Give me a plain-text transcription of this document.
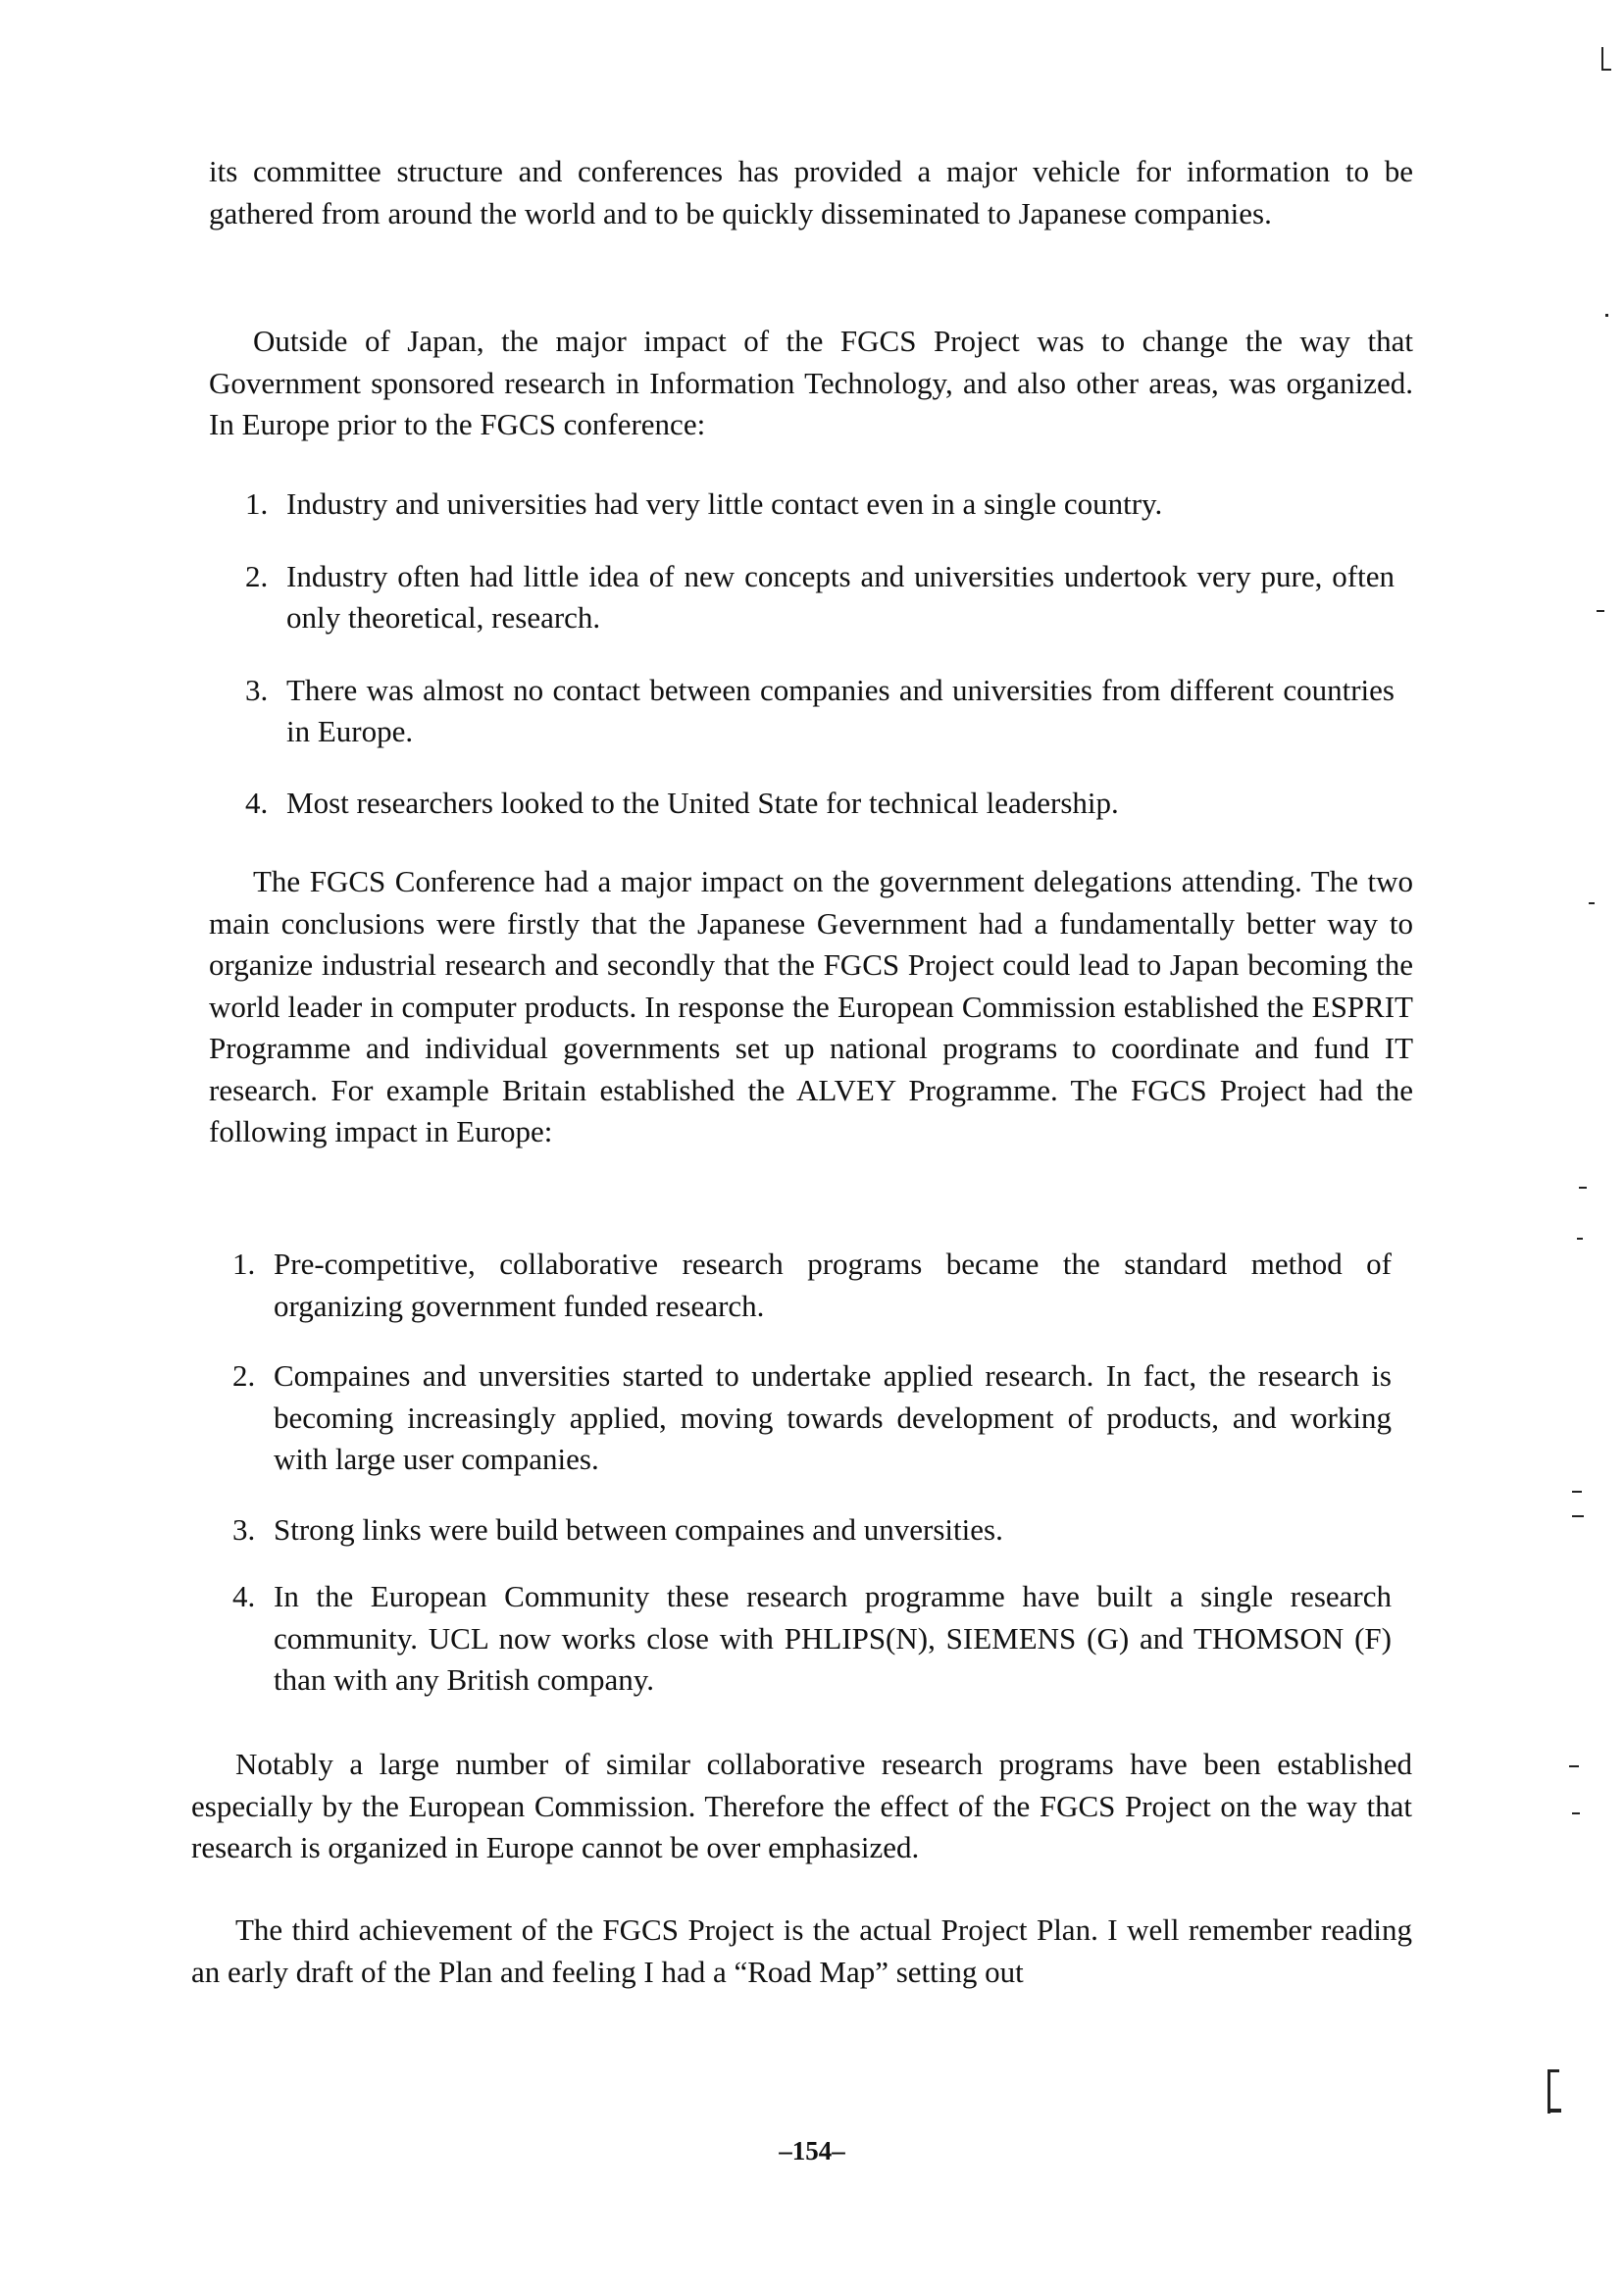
its committee structure and conferences has provided a major vehicle for information to be gathered from around the world and to be quickly disseminated to Japanese companies.

Outside of Japan, the major impact of the FGCS Project was to change the way that Government sponsored research in Information Technology, and also other areas, was organized. In Europe prior to the FGCS conference:

1. Industry and universities had very little contact even in a single country.
2. Industry often had little idea of new concepts and universities undertook very pure, often only theoretical, research.
3. There was almost no contact between companies and universities from different countries in Europe.
4. Most researchers looked to the United State for technical leadership.

The FGCS Conference had a major impact on the government delegations attending. The two main conclusions were firstly that the Japanese Gevernment had a fundamentally better way to organize industrial research and secondly that the FGCS Project could lead to Japan becoming the world leader in computer products. In response the European Commission established the ESPRIT Programme and individual governments set up national programs to coordinate and fund IT research. For example Britain established the ALVEY Programme. The FGCS Project had the following impact in Europe:

1. Pre-competitive, collaborative research programs became the standard method of organizing government funded research.
2. Compaines and unversities started to undertake applied research. In fact, the research is becoming increasingly applied, moving towards development of products, and working with large user companies.
3. Strong links were build between compaines and unversities.
4. In the European Community these research programme have built a single research community. UCL now works close with PHLIPS(N), SIEMENS (G) and THOMSON (F) than with any British company.

Notably a large number of similar collaborative research programs have been established especially by the European Commission. Therefore the effect of the FGCS Project on the way that research is organized in Europe cannot be over emphasized.

The third achievement of the FGCS Project is the actual Project Plan. I well remember reading an early draft of the Plan and feeling I had a “Road Map” setting out

–154–
